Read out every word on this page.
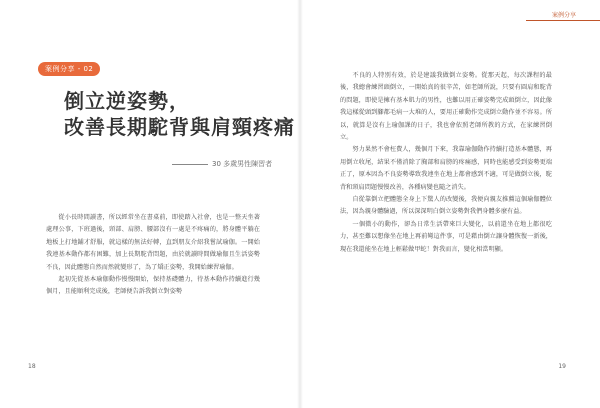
案例分享 - 02
倒立逆姿勢，
改善長期駝背與肩頸疼痛
30 多歲男性陳習者

從小長時間讀書，所以經常坐在書桌前，即使踏入社會，也是一整天坐著處理公事，下班過後，頸部、肩膀、腰部沒有一處是不疼痛的，將身體平躺在地板上打地鋪才舒服，就這樣的無法好轉，直到朋友介紹我嘗試瑜伽。一開始我連基本動作都有困難，加上長期駝背問題，由於就讀時間做瑜伽且生活姿勢不良，因此體態自然而然就變形了，為了矯正姿勢，我開始練習瑜伽。

起初先從基本瑜伽動作慢慢開始，保持基礎體力，待基本動作持續進行幾個月，且能順利完成後，老師便告訴我倒立對姿勢

18
案例分享

不良的人特別有效，於是建議我做倒立姿勢。從那天起，每次課程的最後，我總會練習頭倒立，一開始真的很辛苦，如老師所說，只要有圓肩和駝背的問題，即使是擁有基本肌力的男性，也難以用正確姿勢完成頭倒立，因此像我這樣從頭到腳都毛病一大堆的人，要用正確動作完成倒立動作並不容易。所以，就算是沒有上瑜伽課的日子，我也會依照老師所教的方式，在家練習倒立。

努力果然不會枉費人，幾個月下來，我靠瑜伽動作持續打造基本體態，再用倒立收尾，結果不僅消除了胸部和肩膀的疼痛感，同時也能感受到姿勢更端正了，原本因為不良姿勢導致我連坐在地上都會感到不適，可是做倒立後，駝背和頸肩問題慢慢改善，各種病變也隨之消失。

自從靠倒立把體態全身上下驚人的改變後，我便向親友推薦這個瑜伽體位法，因為親身體驗過，所以深深明白倒立姿勢對我們身體多麼有益。

一個微小的動作，卻為日常生活帶來巨大變化，以前還坐在地上都很吃力，甚至難以想像坐在地上再前彎這件事，可是藉由倒立讓身體恢復一新後，現在我還能坐在地上輕鬆做甲蛇！對我而言，變化相當明顯。

19
